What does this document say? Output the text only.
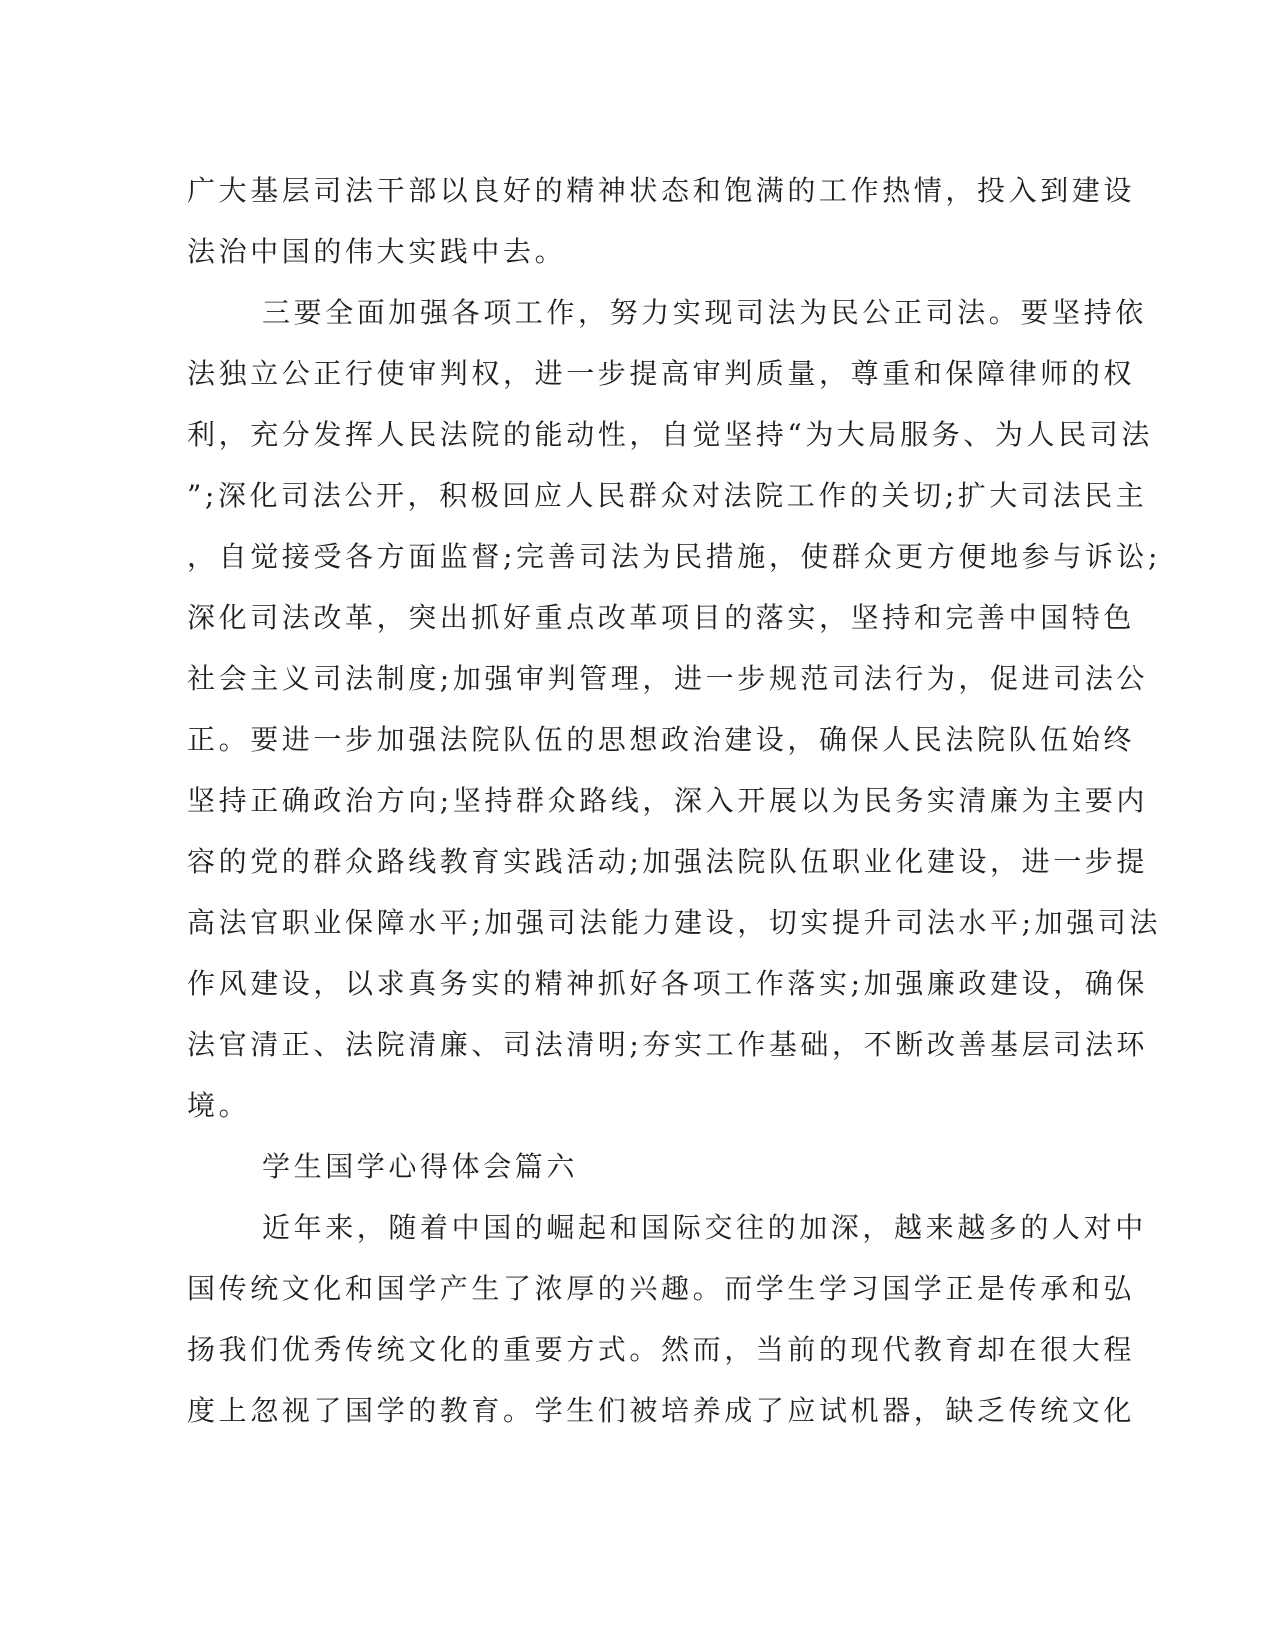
广大基层司法干部以良好的精神状态和饱满的工作热情，投入到建设
法治中国的伟大实践中去。
三要全面加强各项工作，努力实现司法为民公正司法。要坚持依
法独立公正行使审判权，进一步提高审判质量，尊重和保障律师的权
利，充分发挥人民法院的能动性，自觉坚持“为大局服务、为人民司法
”;深化司法公开，积极回应人民群众对法院工作的关切;扩大司法民主
，自觉接受各方面监督;完善司法为民措施，使群众更方便地参与诉讼;
深化司法改革，突出抓好重点改革项目的落实，坚持和完善中国特色
社会主义司法制度;加强审判管理，进一步规范司法行为，促进司法公
正。要进一步加强法院队伍的思想政治建设，确保人民法院队伍始终
坚持正确政治方向;坚持群众路线，深入开展以为民务实清廉为主要内
容的党的群众路线教育实践活动;加强法院队伍职业化建设，进一步提
高法官职业保障水平;加强司法能力建设，切实提升司法水平;加强司法
作风建设，以求真务实的精神抓好各项工作落实;加强廉政建设，确保
法官清正、法院清廉、司法清明;夯实工作基础，不断改善基层司法环
境。
学生国学心得体会篇六
近年来，随着中国的崛起和国际交往的加深，越来越多的人对中
国传统文化和国学产生了浓厚的兴趣。而学生学习国学正是传承和弘
扬我们优秀传统文化的重要方式。然而，当前的现代教育却在很大程
度上忽视了国学的教育。学生们被培养成了应试机器，缺乏传统文化
